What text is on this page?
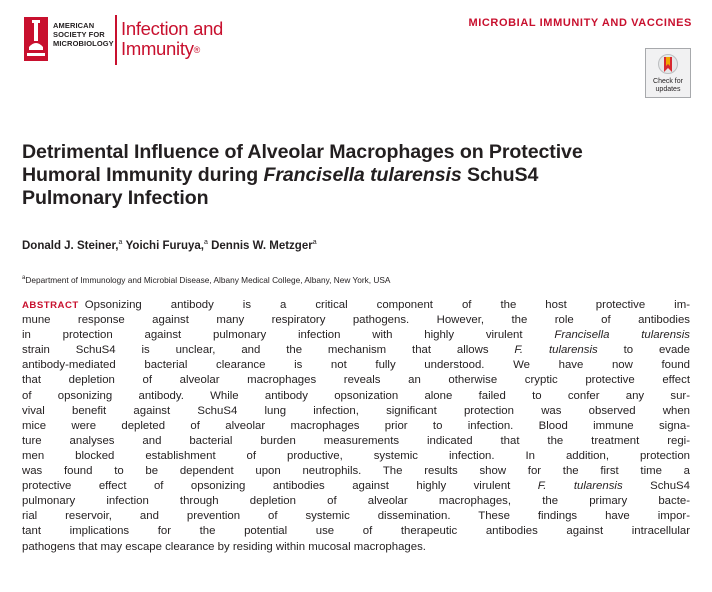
AMERICAN
SOCIETY FOR
MICROBIOLOGY
Infection and
Immunity®
MICROBIAL IMMUNITY AND VACCINES
Check for
updates
Detrimental Influence of Alveolar Macrophages on Protective
Humoral Immunity during Francisella tularensis SchuS4
Pulmonary Infection
Donald J. Steiner,$^a$ Yoichi Furuya,$^a$ Dennis W. Metzger$^a$
$^a$Department of Immunology and Microbial Disease, Albany Medical College, Albany, New York, USA
ABSTRACT Opsonizing antibody is a critical component of the host protective im-
mune response against many respiratory pathogens. However, the role of antibodies
in protection against pulmonary infection with highly virulent Francisella tularensis
strain SchuS4 is unclear, and the mechanism that allows F. tularensis to evade
antibody-mediated bacterial clearance is not fully understood. We have now found
that depletion of alveolar macrophages reveals an otherwise cryptic protective effect
of opsonizing antibody. While antibody opsonization alone failed to confer any sur-
vival benefit against SchuS4 lung infection, significant protection was observed when
mice were depleted of alveolar macrophages prior to infection. Blood immune signa-
ture analyses and bacterial burden measurements indicated that the treatment regi-
men blocked establishment of productive, systemic infection. In addition, protection
was found to be dependent upon neutrophils. The results show for the first time a
protective effect of opsonizing antibodies against highly virulent F. tularensis SchuS4
pulmonary infection through depletion of alveolar macrophages, the primary bacte-
rial reservoir, and prevention of systemic dissemination. These findings have impor-
tant implications for the potential use of therapeutic antibodies against intracellular
pathogens that may escape clearance by residing within mucosal macrophages.
